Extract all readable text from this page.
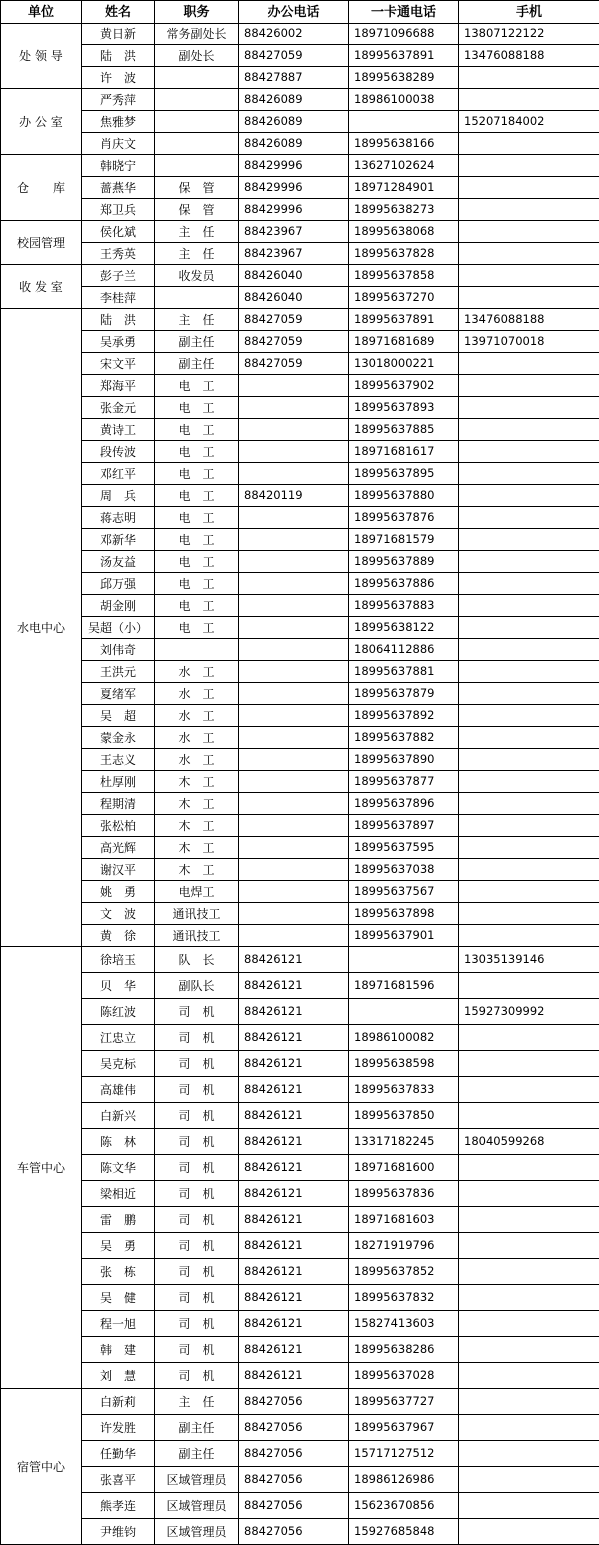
单位	姓名	职务	办公电话	一卡通电话	手机
处 领 导	黄日新	常务副处长	88426002	18971096688	13807122122
	陆　洪	副处长	88427059	18995637891	13476088188
	许　波		88427887	18995638289	
办 公 室	严秀萍		88426089	18986100038	
	焦雅梦		88426089		15207184002
	肖庆文		88426089	18995638166	
仓　　库	韩晓宁		88429996	13627102624	
	蔷燕华	保　管	88429996	18971284901	
	郑卫兵	保　管	88429996	18995638273	
校园管理	侯化斌	主　任	88423967	18995638068	
	王秀英	主　任	88423967	18995637828	
收 发 室	彭子兰	收发员	88426040	18995637858	
	李桂萍		88426040	18995637270	
水电中心	陆　洪	主　任	88427059	18995637891	13476088188
	吴承勇	副主任	88427059	18971681689	13971070018
	宋文平	副主任	88427059	13018000221	
	郑海平	电　工		18995637902	
	张金元	电　工		18995637893	
	黄诗工	电　工		18995637885	
	段传波	电　工		18971681617	
	邓红平	电　工		18995637895	
	周　兵	电　工	88420119	18995637880	
	蒋志明	电　工		18995637876	
	邓新华	电　工		18971681579	
	汤友益	电　工		18995637889	
	邱万强	电　工		18995637886	
	胡金刚	电　工		18995637883	
	吴超（小）	电　工		18995638122	
	刘伟奇			18064112886	
	王洪元	水　工		18995637881	
	夏绪军	水　工		18995637879	
	吴　超	水　工		18995637892	
	蒙金永	水　工		18995637882	
	王志义	水　工		18995637890	
	杜厚刚	木　工		18995637877	
	程期清	木　工		18995637896	
	张松柏	木　工		18995637897	
	高光辉	木　工		18995637595	
	谢汉平	木　工		18995637038	
	姚　勇	电焊工		18995637567	
	文　波	通讯技工		18995637898	
	黄　徐	通讯技工		18995637901	
车管中心	徐培玉	队　长	88426121		13035139146
	贝　华	副队长	88426121	18971681596	
	陈红波	司　机	88426121		15927309992
	江忠立	司　机	88426121	18986100082	
	吴克标	司　机	88426121	18995638598	
	高雄伟	司　机	88426121	18995637833	
	白新兴	司　机	88426121	18995637850	
	陈　林	司　机	88426121	13317182245	18040599268
	陈文华	司　机	88426121	18971681600	
	梁相近	司　机	88426121	18995637836	
	雷　鹏	司　机	88426121	18971681603	
	吴　勇	司　机	88426121	18271919796	
	张　栋	司　机	88426121	18995637852	
	吴　健	司　机	88426121	18995637832	
	程一旭	司　机	88426121	15827413603	
	韩　建	司　机	88426121	18995638286	
	刘　慧	司　机	88426121	18995637028	
宿管中心	白新莉	主　任	88427056	18995637727	
	许发胜	副主任	88427056	18995637967	
	任勤华	副主任	88427056	15717127512	
	张喜平	区域管理员	88427056	18986126986	
	熊孝连	区域管理员	88427056	15623670856	
	尹维钧	区域管理员	88427056	15927685848	
